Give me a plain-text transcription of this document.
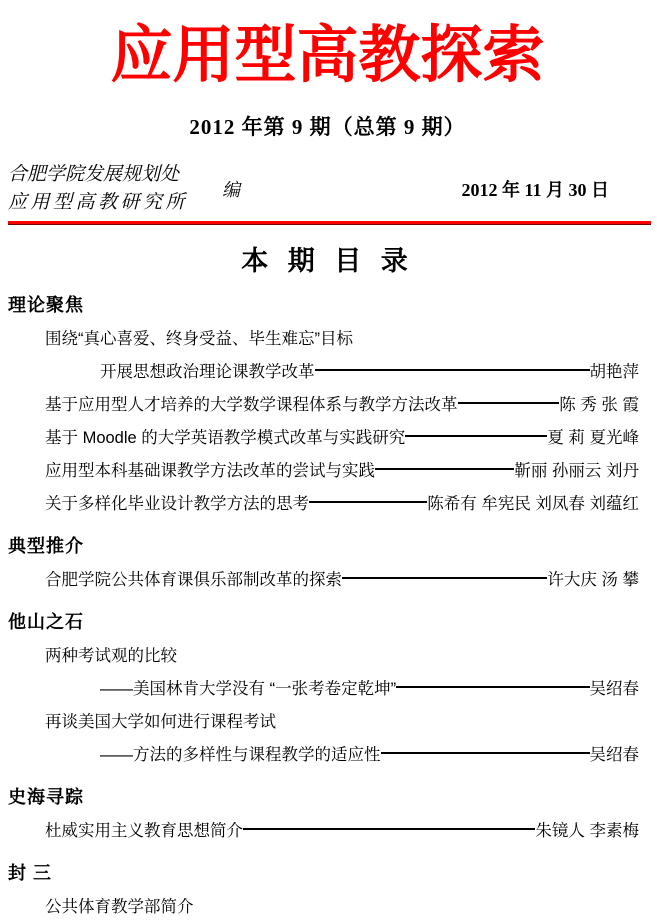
应用型高教探索
2012 年第 9 期（总第 9 期）
合肥学院发展规划处
应用型高教研究所
编	2012 年 11 月 30 日
本 期 目 录
理论聚焦
围绕“真心喜爱、终身受益、毕生难忘”目标
开展思想政治理论课教学改革	胡艳萍
基于应用型人才培养的大学数学课程体系与教学方法改革	陈 秀 张 霞
基于 Moodle 的大学英语教学模式改革与实践研究	夏 莉 夏光峰
应用型本科基础课教学方法改革的尝试与实践	靳丽 孙丽云 刘丹
关于多样化毕业设计教学方法的思考	陈希有 牟宪民 刘凤春 刘蕴红
典型推介
合肥学院公共体育课俱乐部制改革的探索	许大庆 汤 攀
他山之石
两种考试观的比较
——美国林肯大学没有 “一张考卷定乾坤”	吴绍春
再谈美国大学如何进行课程考试
——方法的多样性与课程教学的适应性	吴绍春
史海寻踪
杜威实用主义教育思想简介	朱镜人 李素梅
封 三
公共体育教学部简介
